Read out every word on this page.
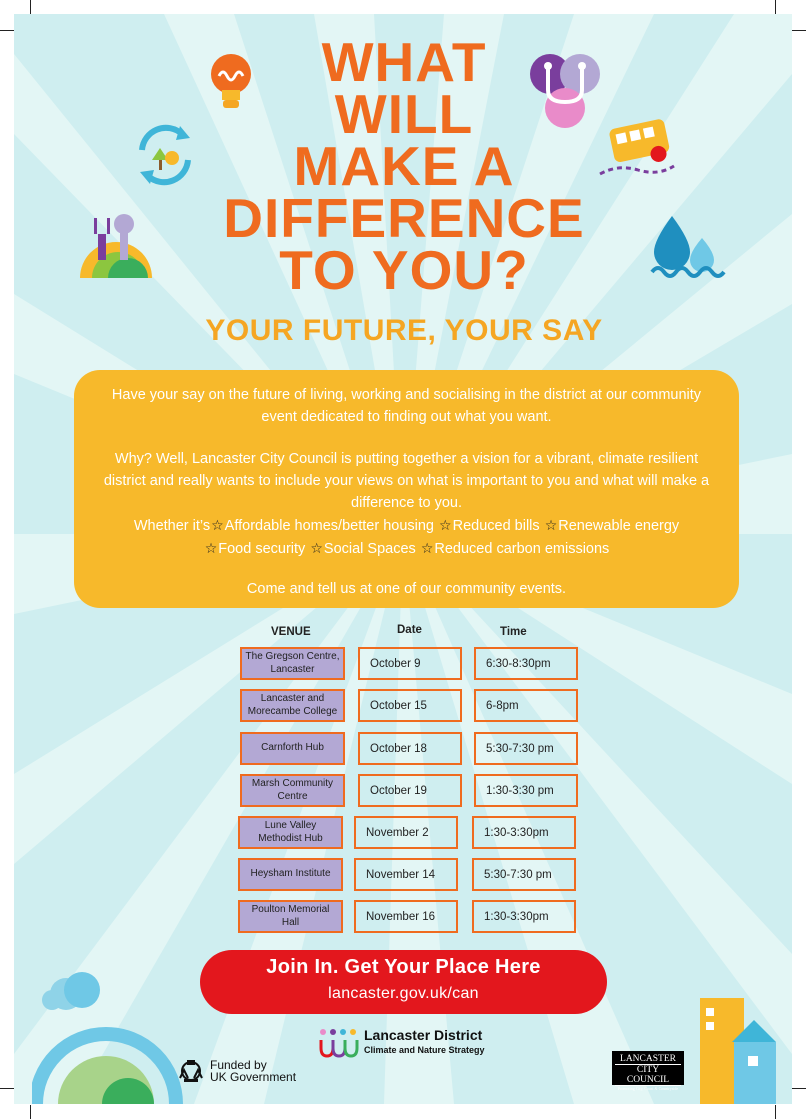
WHAT
WILL
MAKE A
DIFFERENCE
TO YOU?
YOUR FUTURE, YOUR SAY

Have your say on the future of living, working and socialising in the district at our community event dedicated to finding out what you want.

Why? Well, Lancaster City Council is putting together a vision for a vibrant, climate resilient district and really wants to include your views on what is important to you and what will make a difference to you.

Whether it’s☆Affordable homes/better housing ☆Reduced bills ☆Renewable energy
☆Food security ☆Social Spaces ☆Reduced carbon emissions

Come and tell us at one of our community events.

VENUE	Date	Time
The Gregson Centre, Lancaster	October 9	6:30-8:30pm
Lancaster and Morecambe College	October 15	6-8pm
Carnforth Hub	October 18	5:30-7:30 pm
Marsh Community Centre	October 19	1:30-3:30 pm
Lune Valley Methodist Hub	November 2	1:30-3:30pm
Heysham Institute	November 14	5:30-7:30 pm
Poulton Memorial Hall	November 16	1:30-3:30pm
Join In. Get Your Place Here
lancaster.gov.uk/can
Lancaster District
Climate and Nature Strategy
Funded by
UK Government
LANCASTER
CITY COUNCIL
Promoting City, Coast & Countryside
